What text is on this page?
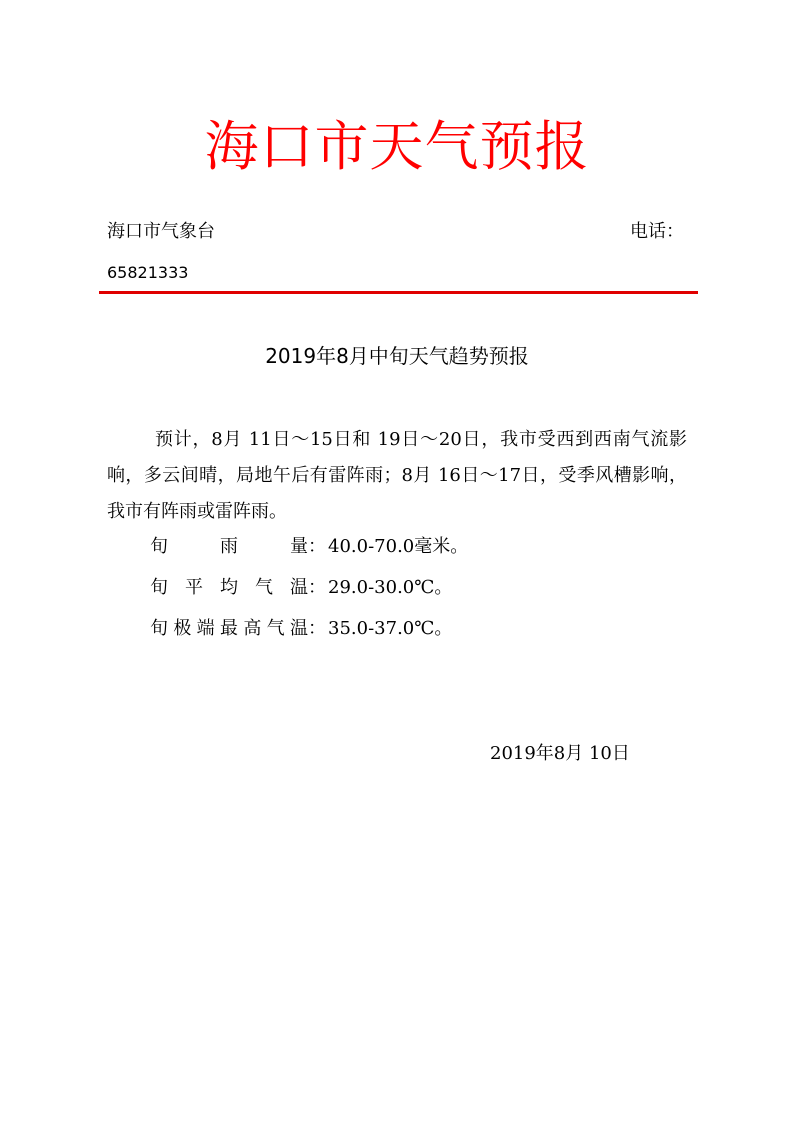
海口市天气预报
海口市气象台	电话：
65821333
2019年8月中旬天气趋势预报
预计，8月 11日～15日和 19日～20日，我市受西到西南气流影响，多云间晴，局地午后有雷阵雨；8月 16日～17日，受季风槽影响，我市有阵雨或雷阵雨。
旬雨量： 40.0-70.0毫米。
旬平均气温： 29.0-30.0℃。
旬极端最高气温： 35.0-37.0℃。
2019年8月 10日
